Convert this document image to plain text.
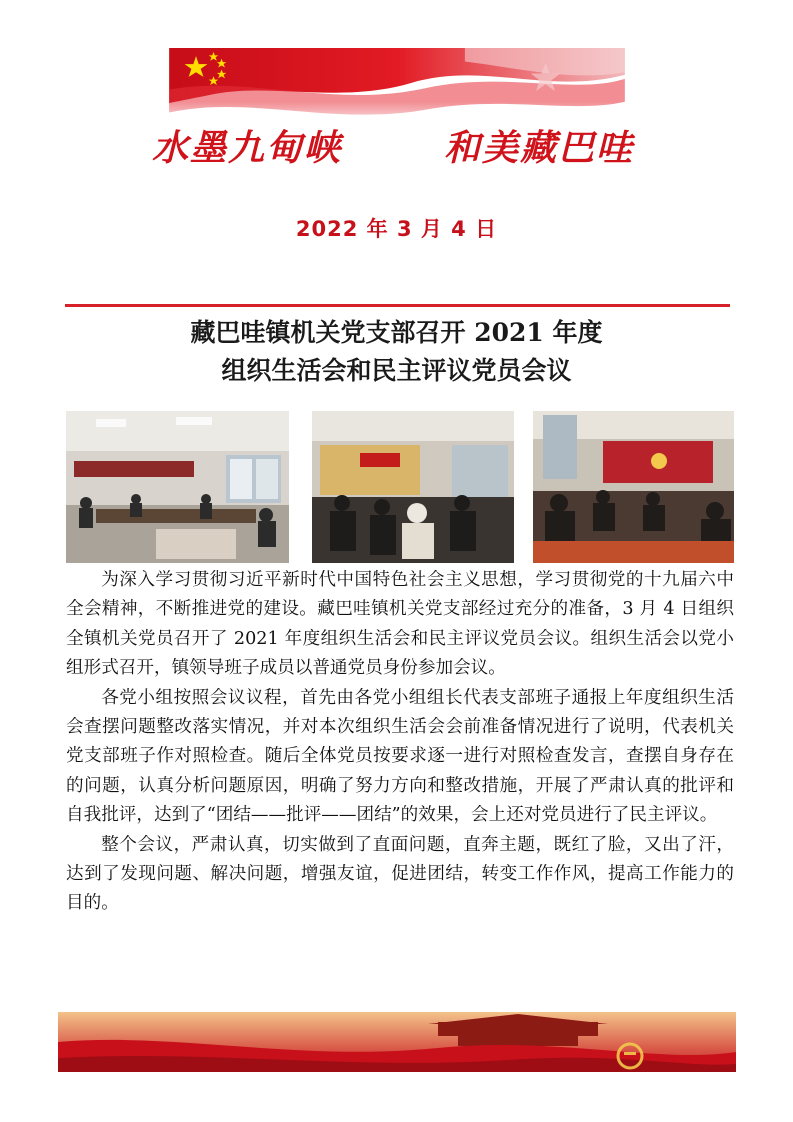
水墨九甸峡	和美藏巴哇
2022 年 3 月 4 日
藏巴哇镇机关党支部召开 2021 年度
组织生活会和民主评议党员会议

为深入学习贯彻习近平新时代中国特色社会主义思想，学习贯彻党的十九届六中全会精神，不断推进党的建设。藏巴哇镇机关党支部经过充分的准备，3 月 4 日组织全镇机关党员召开了 2021 年度组织生活会和民主评议党员会议。组织生活会以党小组形式召开，镇领导班子成员以普通党员身份参加会议。

各党小组按照会议议程，首先由各党小组组长代表支部班子通报上年度组织生活会查摆问题整改落实情况，并对本次组织生活会会前准备情况进行了说明，代表机关党支部班子作对照检查。随后全体党员按要求逐一进行对照检查发言，查摆自身存在的问题，认真分析问题原因，明确了努力方向和整改措施，开展了严肃认真的批评和自我批评，达到了“团结——批评——团结”的效果，会上还对党员进行了民主评议。

整个会议，严肃认真，切实做到了直面问题，直奔主题，既红了脸，又出了汗，达到了发现问题、解决问题，增强友谊，促进团结，转变工作作风，提高工作能力的目的。
